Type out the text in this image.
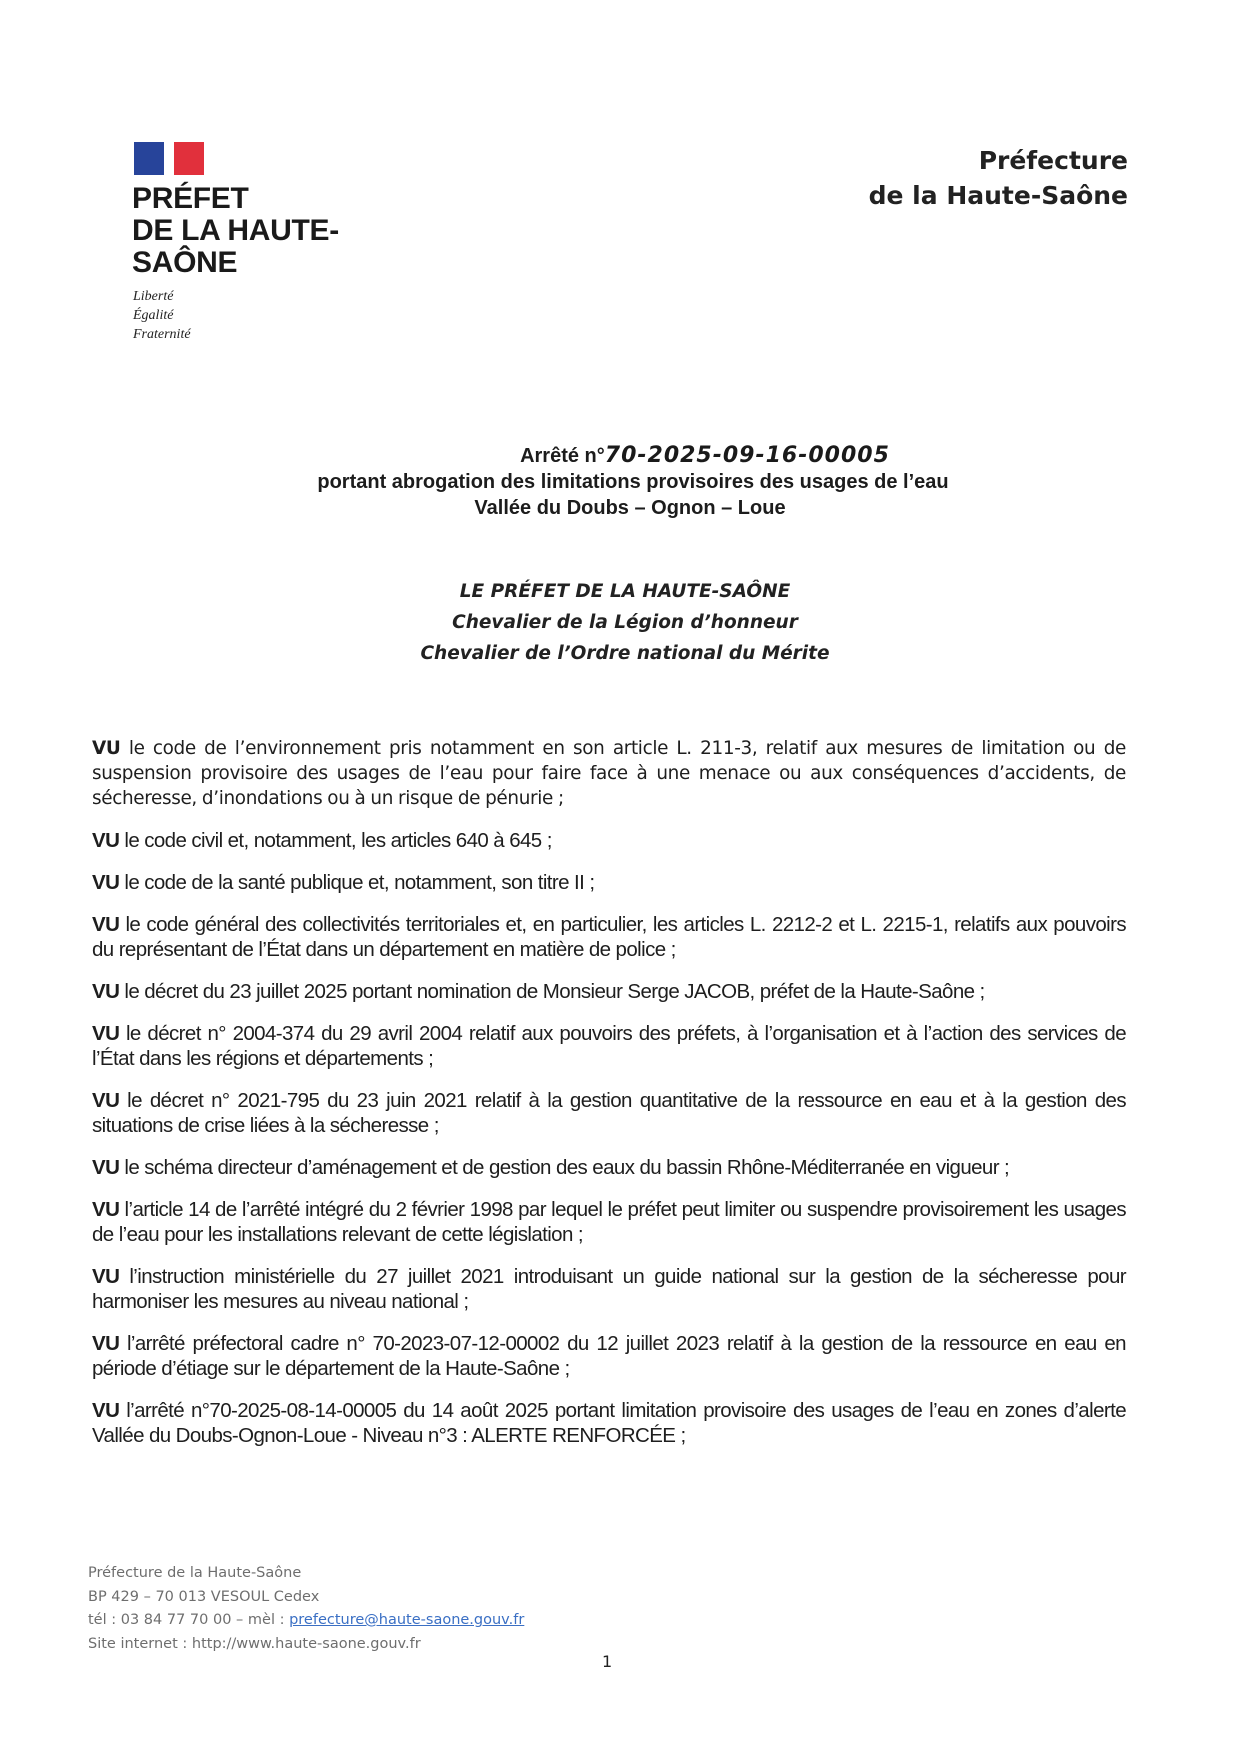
PRÉFET
DE LA HAUTE-
SAÔNE
Liberté
Égalité
Fraternité
Préfecture
de la Haute-Saône
Arrêté n°70-2025-09-16-00005
portant abrogation des limitations provisoires des usages de l’eau
Vallée du Doubs – Ognon – Loue
LE PRÉFET DE LA HAUTE-SAÔNE
Chevalier de la Légion d’honneur
Chevalier de l’Ordre national du Mérite

VU le code de l’environnement pris notamment en son article L. 211-3, relatif aux mesures de limitation ou de suspension provisoire des usages de l’eau pour faire face à une menace ou aux conséquences d’accidents, de sécheresse, d’inondations ou à un risque de pénurie ;

VU le code civil et, notamment, les articles 640 à 645 ;

VU le code de la santé publique et, notamment, son titre II ;

VU le code général des collectivités territoriales et, en particulier, les articles L. 2212-2 et L. 2215-1, relatifs aux pouvoirs du représentant de l’État dans un département en matière de police ;

VU le décret du 23 juillet 2025 portant nomination de Monsieur Serge JACOB, préfet de la Haute-Saône ;

VU le décret n° 2004-374 du 29 avril 2004 relatif aux pouvoirs des préfets, à l’organisation et à l’action des services de l’État dans les régions et départements ;

VU le décret n° 2021-795 du 23 juin 2021 relatif à la gestion quantitative de la ressource en eau et à la gestion des situations de crise liées à la sécheresse ;

VU le schéma directeur d’aménagement et de gestion des eaux du bassin Rhône-Méditerranée en vigueur ;

VU l’article 14 de l’arrêté intégré du 2 février 1998 par lequel le préfet peut limiter ou suspendre provisoirement les usages de l’eau pour les installations relevant de cette législation ;

VU l’instruction ministérielle du 27 juillet 2021 introduisant un guide national sur la gestion de la sécheresse pour harmoniser les mesures au niveau national ;

VU l’arrêté préfectoral cadre n° 70-2023-07-12-00002 du 12 juillet 2023 relatif à la gestion de la ressource en eau en période d’étiage sur le département de la Haute-Saône ;

VU l’arrêté n°70-2025-08-14-00005 du 14 août 2025 portant limitation provisoire des usages de l’eau en zones d’alerte Vallée du Doubs-Ognon-Loue - Niveau n°3 : ALERTE RENFORCÉE ;

Préfecture de la Haute-Saône
BP 429 – 70 013 VESOUL Cedex
tél : 03 84 77 70 00 – mèl : prefecture@haute-saone.gouv.fr
Site internet : http://www.haute-saone.gouv.fr
1
